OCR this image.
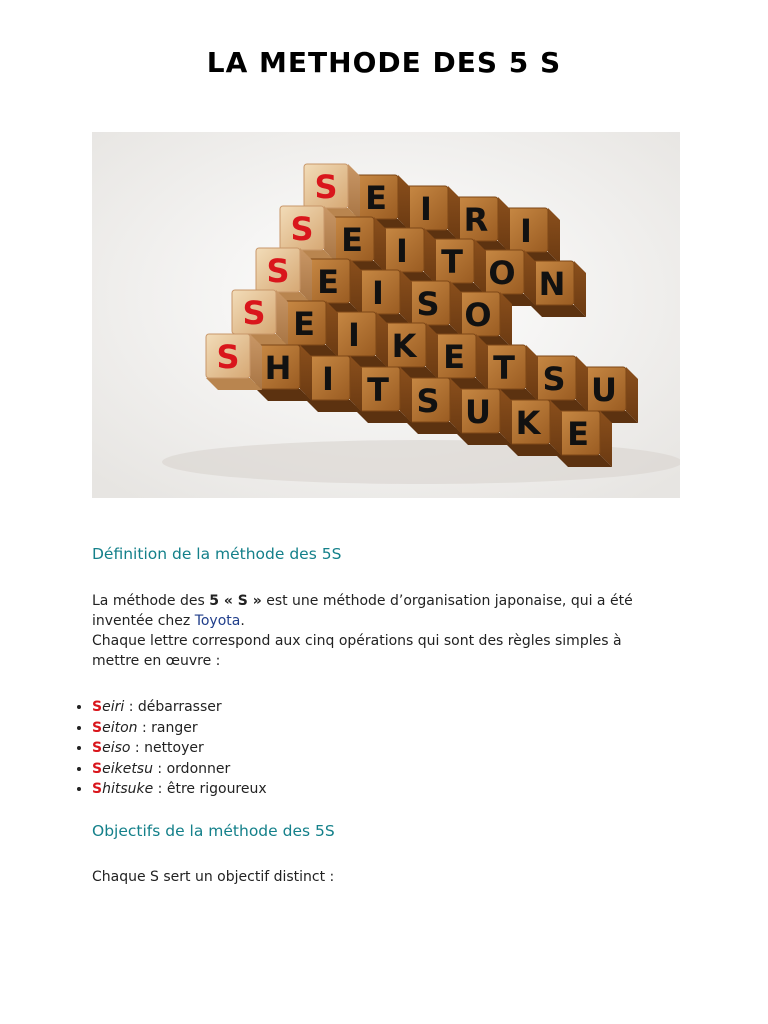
LA METHODE DES 5 S
I
R
I
E
S
N
O
T
I
E
S
O
S
I
E
S
U
S
T
E
K
I
E
S
E
K
U
S
T
I
H
S
Définition de la méthode des 5S
La méthode des 5 « S » est une méthode d’organisation japonaise, qui a été inventée chez Toyota.
Chaque lettre correspond aux cinq opérations qui sont des règles simples à mettre en œuvre :
• Seiri : débarrasser
• Seiton : ranger
• Seiso : nettoyer
• Seiketsu : ordonner
• Shitsuke : être rigoureux
Objectifs de la méthode des 5S
Chaque S sert un objectif distinct :
